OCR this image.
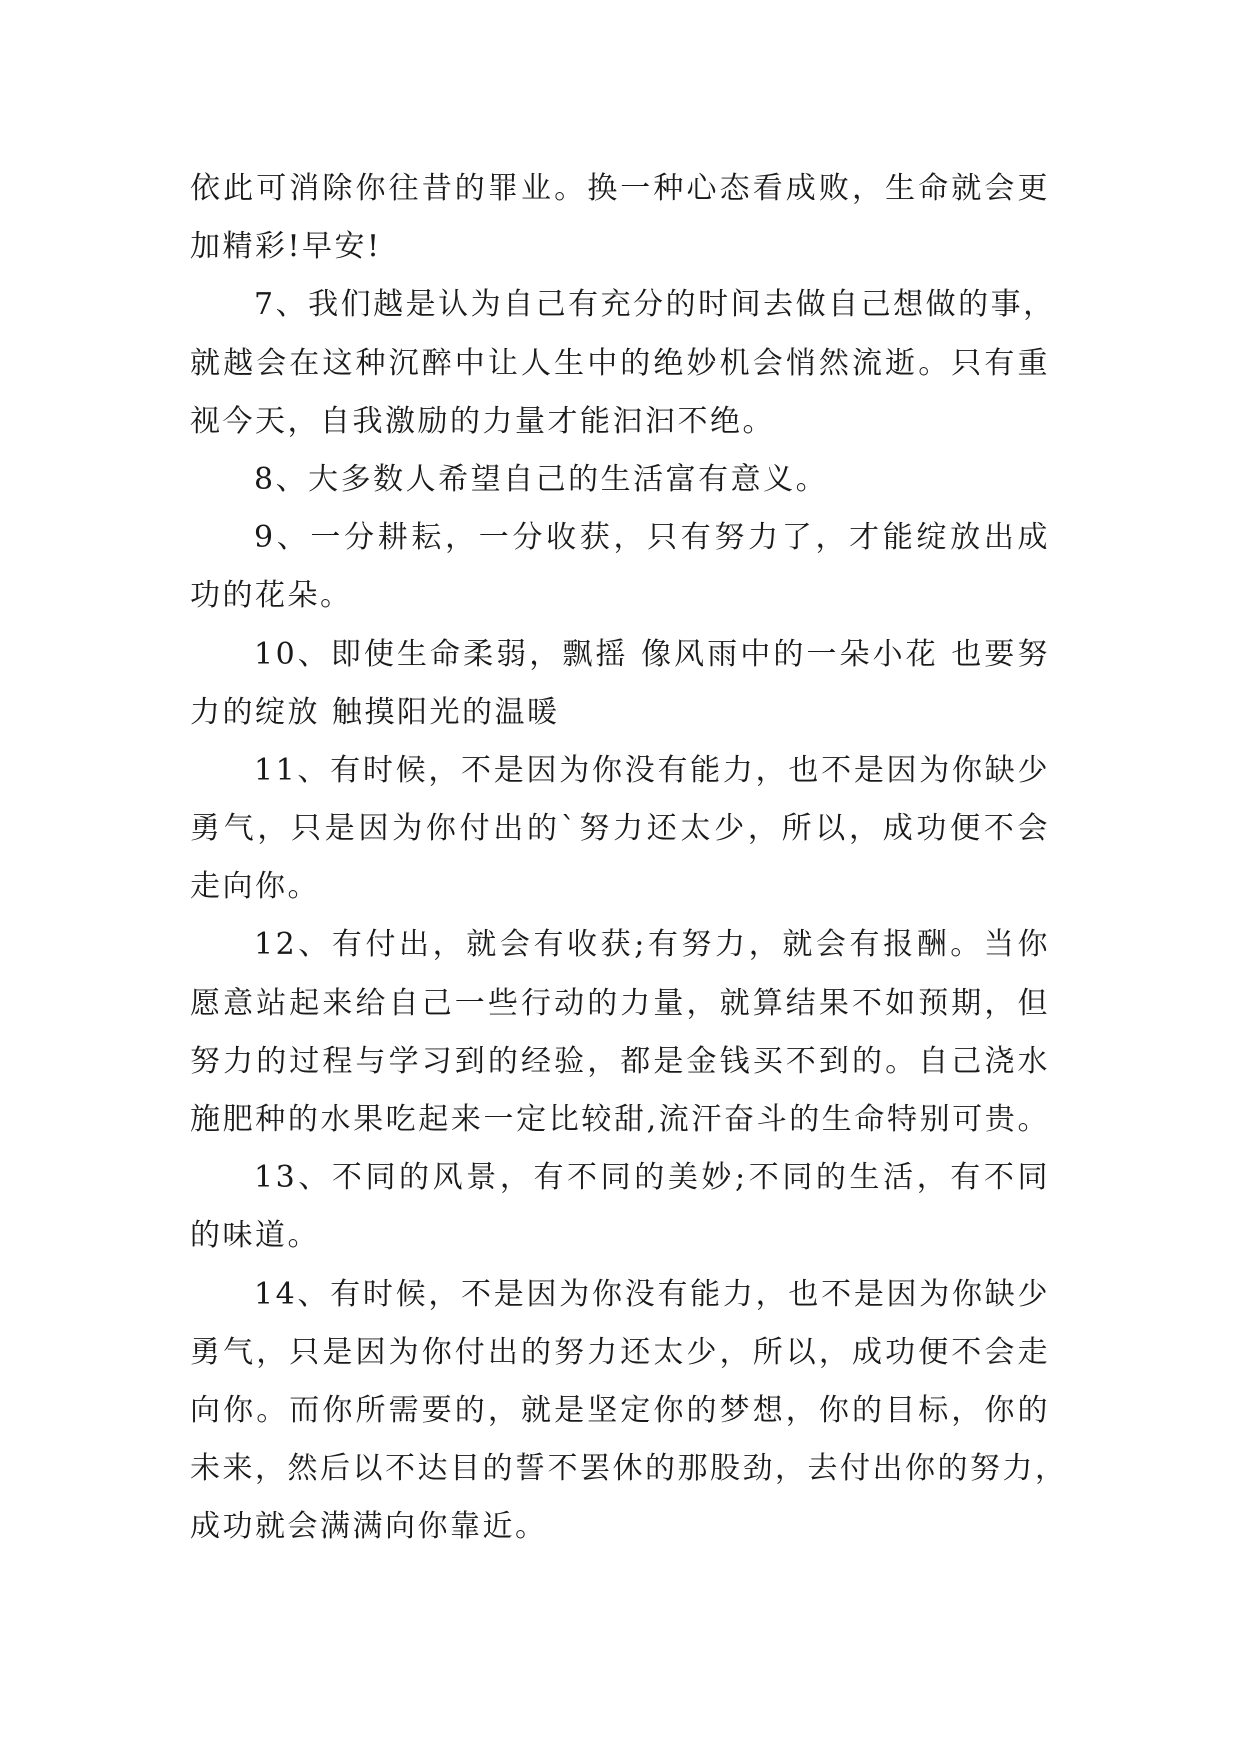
依此可消除你往昔的罪业。换一种心态看成败，生命就会更
加精彩!早安!
7、我们越是认为自己有充分的时间去做自己想做的事，
就越会在这种沉醉中让人生中的绝妙机会悄然流逝。只有重
视今天，自我激励的力量才能汩汩不绝。
8、大多数人希望自己的生活富有意义。
9、一分耕耘，一分收获，只有努力了，才能绽放出成
功的花朵。
10、即使生命柔弱，飘摇 像风雨中的一朵小花 也要努
力的绽放 触摸阳光的温暖
11、有时候，不是因为你没有能力，也不是因为你缺少
勇气，只是因为你付出的`努力还太少，所以，成功便不会
走向你。
12、有付出，就会有收获;有努力，就会有报酬。当你
愿意站起来给自己一些行动的力量，就算结果不如预期，但
努力的过程与学习到的经验，都是金钱买不到的。自己浇水
施肥种的水果吃起来一定比较甜,流汗奋斗的生命特别可贵。
13、不同的风景，有不同的美妙;不同的生活，有不同
的味道。
14、有时候，不是因为你没有能力，也不是因为你缺少
勇气，只是因为你付出的努力还太少，所以，成功便不会走
向你。而你所需要的，就是坚定你的梦想，你的目标，你的
未来，然后以不达目的誓不罢休的那股劲，去付出你的努力，
成功就会满满向你靠近。
